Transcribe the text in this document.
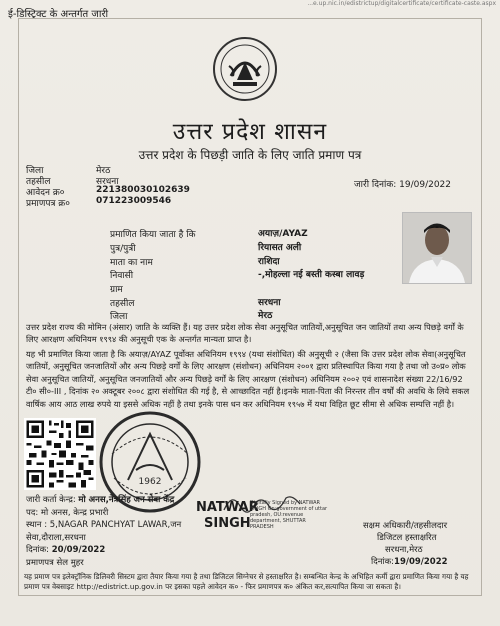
...e.up.nic.in/edistrictup/digitalcertificate/certificate-caste.aspx
ई-डिस्ट्रिक्ट के अन्तर्गत जारी
उत्तर प्रदेश शासन
उत्तर प्रदेश के पिछड़ी जाति के लिए जाति प्रमाण पत्र
जिला	मेरठ
तहसील	सरधना
आवेदन क्र०	221380030102639
प्रमाणपत्र क्र०	071223009546
जारी दिनांक: 19/09/2022
प्रमाणित किया जाता है कि	अयाज़/AYAZ
पुत्र/पुत्री	रियासत अली
माता का नाम	राशिदा
निवासी	-,मोहल्ला नई बस्ती कस्बा लावड़
ग्राम
तहसील	सरधना
जिला	मेरठ
उत्तर प्रदेश राज्य की मोमिन (अंसार) जाति के व्यक्ति हैं। यह उत्तर प्रदेश लोक सेवा अनुसूचित जातियों,अनुसूचित जन जातियों तथा अन्य पिछड़े वर्गों के लिए आरक्षण अधिनियम १९९४ की अनुसूची एक के अन्तर्गत मान्यता प्राप्त है।
यह भी प्रमाणित किया जाता है कि अयाज़/AYAZ पूर्वोक्त अधिनियम १९९४ (यथा संशोधित) की अनुसूची २ (जैसा कि उत्तर प्रदेश लोक सेवा(अनुसूचित जातियों, अनुसूचित जनजातियों और अन्य पिछड़े वर्गों के लिए आरक्षण (संशोधन) अधिनियम २००१ द्वारा प्रतिस्थापित किया गया है तथा जो उ०प्र० लोक सेवा अनुसूचित जातियों, अनुसूचित जनजातियों और अन्य पिछड़े वर्गों के लिए आरक्षण (संशोधन) अधिनियम २००२ एवं शासनादेश संख्या 22/16/92 टी० सी०-III , दिनांक २० अक्टूबर २००८ द्वारा संशोधित की गई है, से आच्छादित नहीं है।इनके माता-पिता की निरन्तर तीन वर्षों की अवधि के लिये सकल वार्षिक आय आठ लाख रुपये या इससे अधिक नहीं है तथा इनके पास धन कर अधिनियम १९५७ में यथा विहित छूट सीमा से अधिक सम्पत्ति नहीं है।
1962
NATWAR
SINGH
Digitally Signed by NATWAR SINGH On:government of uttar pradesh, OU:revenue department, SHUTTAR PRADESH
जारी कर्ता केन्द्र: मो अनस,नेत्रसिंह जन सेवा केंद्र
पद: मो अनस, केन्द्र प्रभारी
स्थान : 5,NAGAR PANCHYAT LAWAR,जन सेवा,दौराला,सरधना
दिनांक: 20/09/2022
प्रमाणपत्र सेल मुहर
सक्षम अधिकारी/तहसीलदार
डिजिटल हस्ताक्षरित
सरधना,मेरठ
दिनांक:19/09/2022
यह प्रमाण पत्र इलेक्ट्रॉनिक डिलिवरी सिस्टम द्वारा तैयार किया गया है तथा डिजिटल सिग्नेचर से हस्ताक्षरित है। सम्बन्धित केन्द्र के अभिहित कर्मी द्वारा प्रमाणित किया गया है यह प्रमाण पत्र वेबसाइट http://edistrict.up.gov.in पर इसका पहले आवेदन क० - फिर प्रमाणपत्र क० अंकित कर,सत्यापित किया जा सकता है।
